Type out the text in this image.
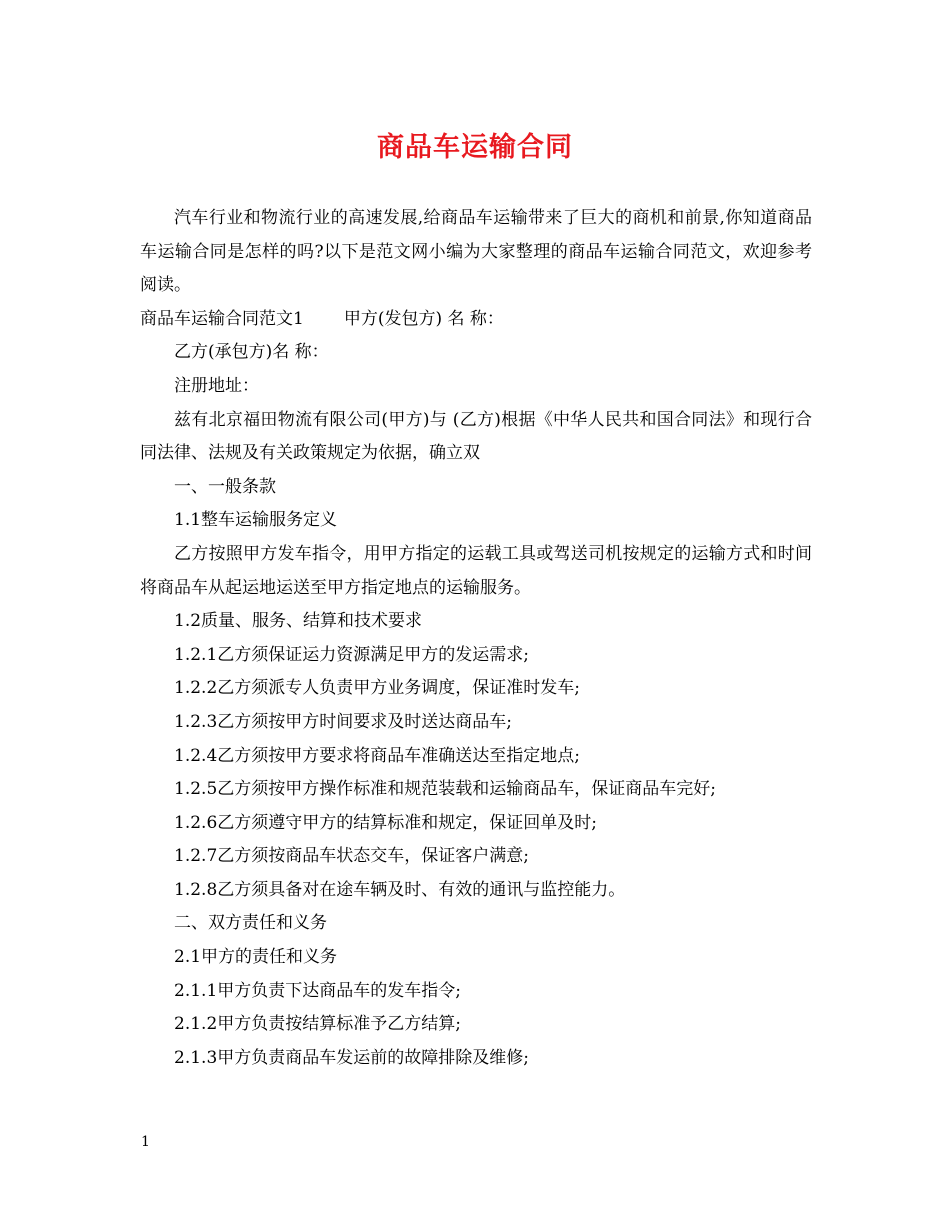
商品车运输合同

汽车行业和物流行业的高速发展,给商品车运输带来了巨大的商机和前景,你知道商品车运输合同是怎样的吗?以下是范文网小编为大家整理的商品车运输合同范文，欢迎参考阅读。

商品车运输合同范文1 甲方(发包方) 名 称：

乙方(承包方)名 称：

注册地址：

兹有北京福田物流有限公司(甲方)与 (乙方)根据《中华人民共和国合同法》和现行合同法律、法规及有关政策规定为依据，确立双

一、一般条款

1.1整车运输服务定义

乙方按照甲方发车指令，用甲方指定的运载工具或驾送司机按规定的运输方式和时间将商品车从起运地运送至甲方指定地点的运输服务。

1.2质量、服务、结算和技术要求

1.2.1乙方须保证运力资源满足甲方的发运需求;

1.2.2乙方须派专人负责甲方业务调度，保证准时发车;

1.2.3乙方须按甲方时间要求及时送达商品车;

1.2.4乙方须按甲方要求将商品车准确送达至指定地点;

1.2.5乙方须按甲方操作标准和规范装载和运输商品车，保证商品车完好;

1.2.6乙方须遵守甲方的结算标准和规定，保证回单及时;

1.2.7乙方须按商品车状态交车，保证客户满意;

1.2.8乙方须具备对在途车辆及时、有效的通讯与监控能力。

二、双方责任和义务

2.1甲方的责任和义务

2.1.1甲方负责下达商品车的发车指令;

2.1.2甲方负责按结算标准予乙方结算;

2.1.3甲方负责商品车发运前的故障排除及维修;

1
